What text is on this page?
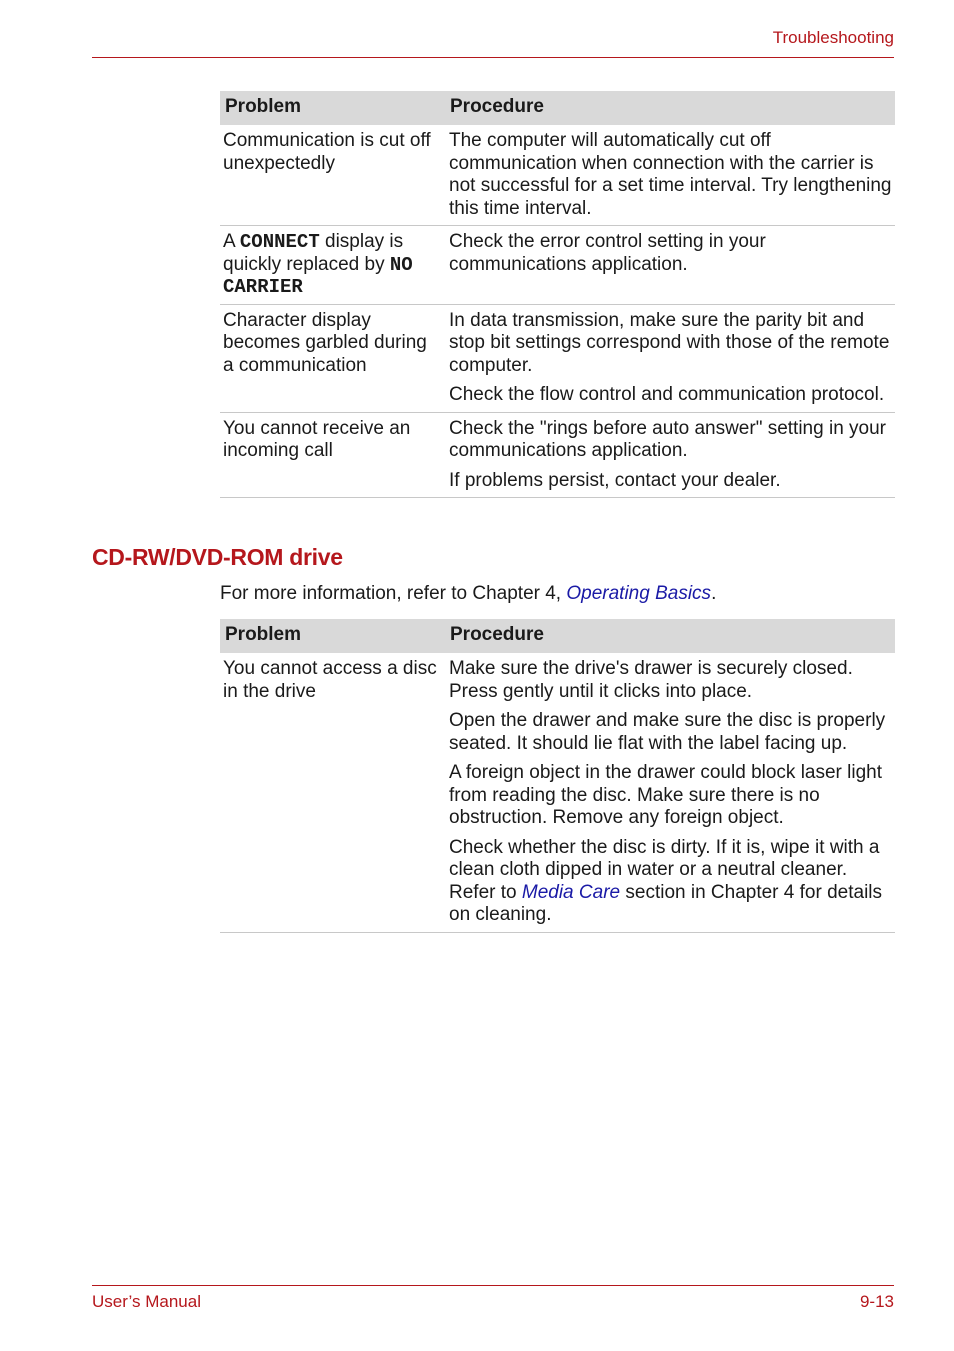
Troubleshooting
Problem	Procedure
Communication is cut off unexpectedly	The computer will automatically cut off communication when connection with the carrier is not successful for a set time interval. Try lengthening this time interval.

A CONNECT display is quickly replaced by NO CARRIER	Check the error control setting in your communications application.

Character display becomes garbled during a communication	In data transmission, make sure the parity bit and stop bit settings correspond with those of the remote computer.

Check the flow control and communication protocol.

You cannot receive an incoming call	Check the "rings before auto answer" setting in your communications application.

If problems persist, contact your dealer.

CD-RW/DVD-ROM drive
For more information, refer to Chapter 4, Operating Basics.
Problem	Procedure
You cannot access a disc in the drive	Make sure the drive's drawer is securely closed. Press gently until it clicks into place.

Open the drawer and make sure the disc is properly seated. It should lie flat with the label facing up.

A foreign object in the drawer could block laser light from reading the disc. Make sure there is no obstruction. Remove any foreign object.

Check whether the disc is dirty. If it is, wipe it with a clean cloth dipped in water or a neutral cleaner. Refer to Media Care section in Chapter 4 for details on cleaning.

User’s Manual	9-13
